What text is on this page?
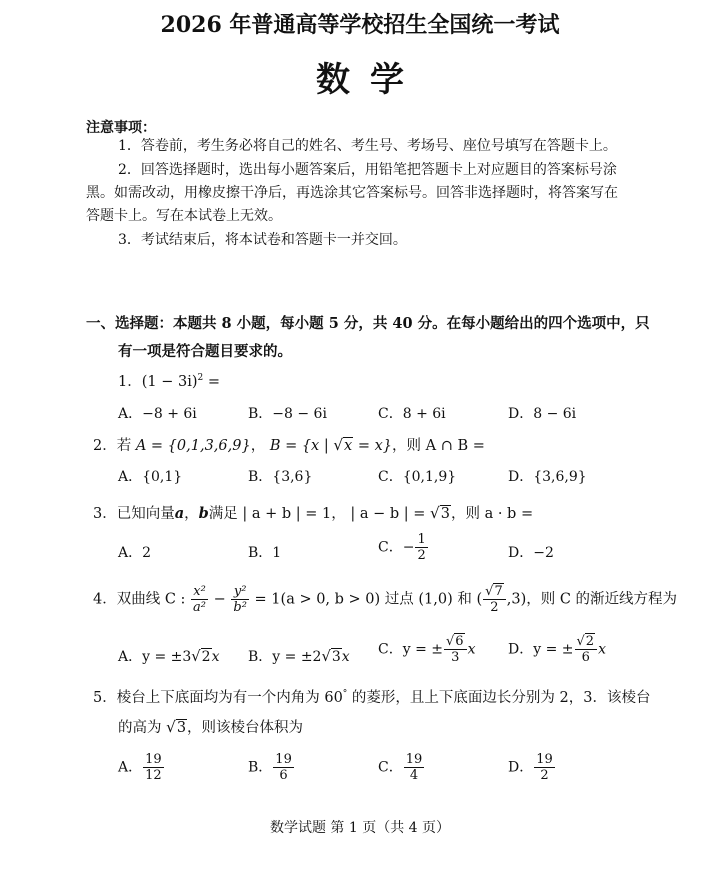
2026 年普通高等学校招生全国统一考试
数学
注意事项：
1．答卷前，考生务必将自己的姓名、考生号、考场号、座位号填写在答题卡上。
2．回答选择题时，选出每小题答案后，用铅笔把答题卡上对应题目的答案标号涂
黑。如需改动，用橡皮擦干净后，再选涂其它答案标号。回答非选择题时，将答案写在
答题卡上。写在本试卷上无效。
3．考试结束后，将本试卷和答题卡一并交回。
一、选择题：本题共 8 小题，每小题 5 分，共 40 分。在每小题给出的四个选项中，只
有一项是符合题目要求的。
1．$(1 - 3i)^2$ =
A．−8 + 6i	B．−8 − 6i	C．8 + 6i	D．8 − 6i
2．若 A = {0,1,3,6,9}， B = {x | √x = x}，则 A ∩ B =
A．{0,1}	B．{3,6}	C．{0,1,9}	D．{3,6,9}
3．已知向量a，b满足 | a + b | = 1， | a − b | = √3，则 a · b =
A．2	B．1	C．− $\frac{1}{2}$	D．−2
4．双曲线 C : $\frac{\text{x²}}{\text{a²}} - \frac{\text{y²}}{\text{b²}} = 1(a > 0$, b > 0) 过点 (1,0) 和 ( $\frac{√7}{2} ,3$)，则 C 的渐近线方程为
A．y = ±3√2x B．y = ±2√3x C．y = ± $\frac{√6}{3}$ x D．y = ± $\frac{√2}{6}$ x
5．棱台上下底面均为有一个内角为 60° 的菱形，且上下底面边长分别为 2，3．该棱台
的高为 √3，则该棱台体积为
A． $\frac{19}{12}$	B． $\frac{19}{6}$	C． $\frac{19}{4}$	D． $\frac{19}{2}$
数学试题 第 1 页（共 4 页）
